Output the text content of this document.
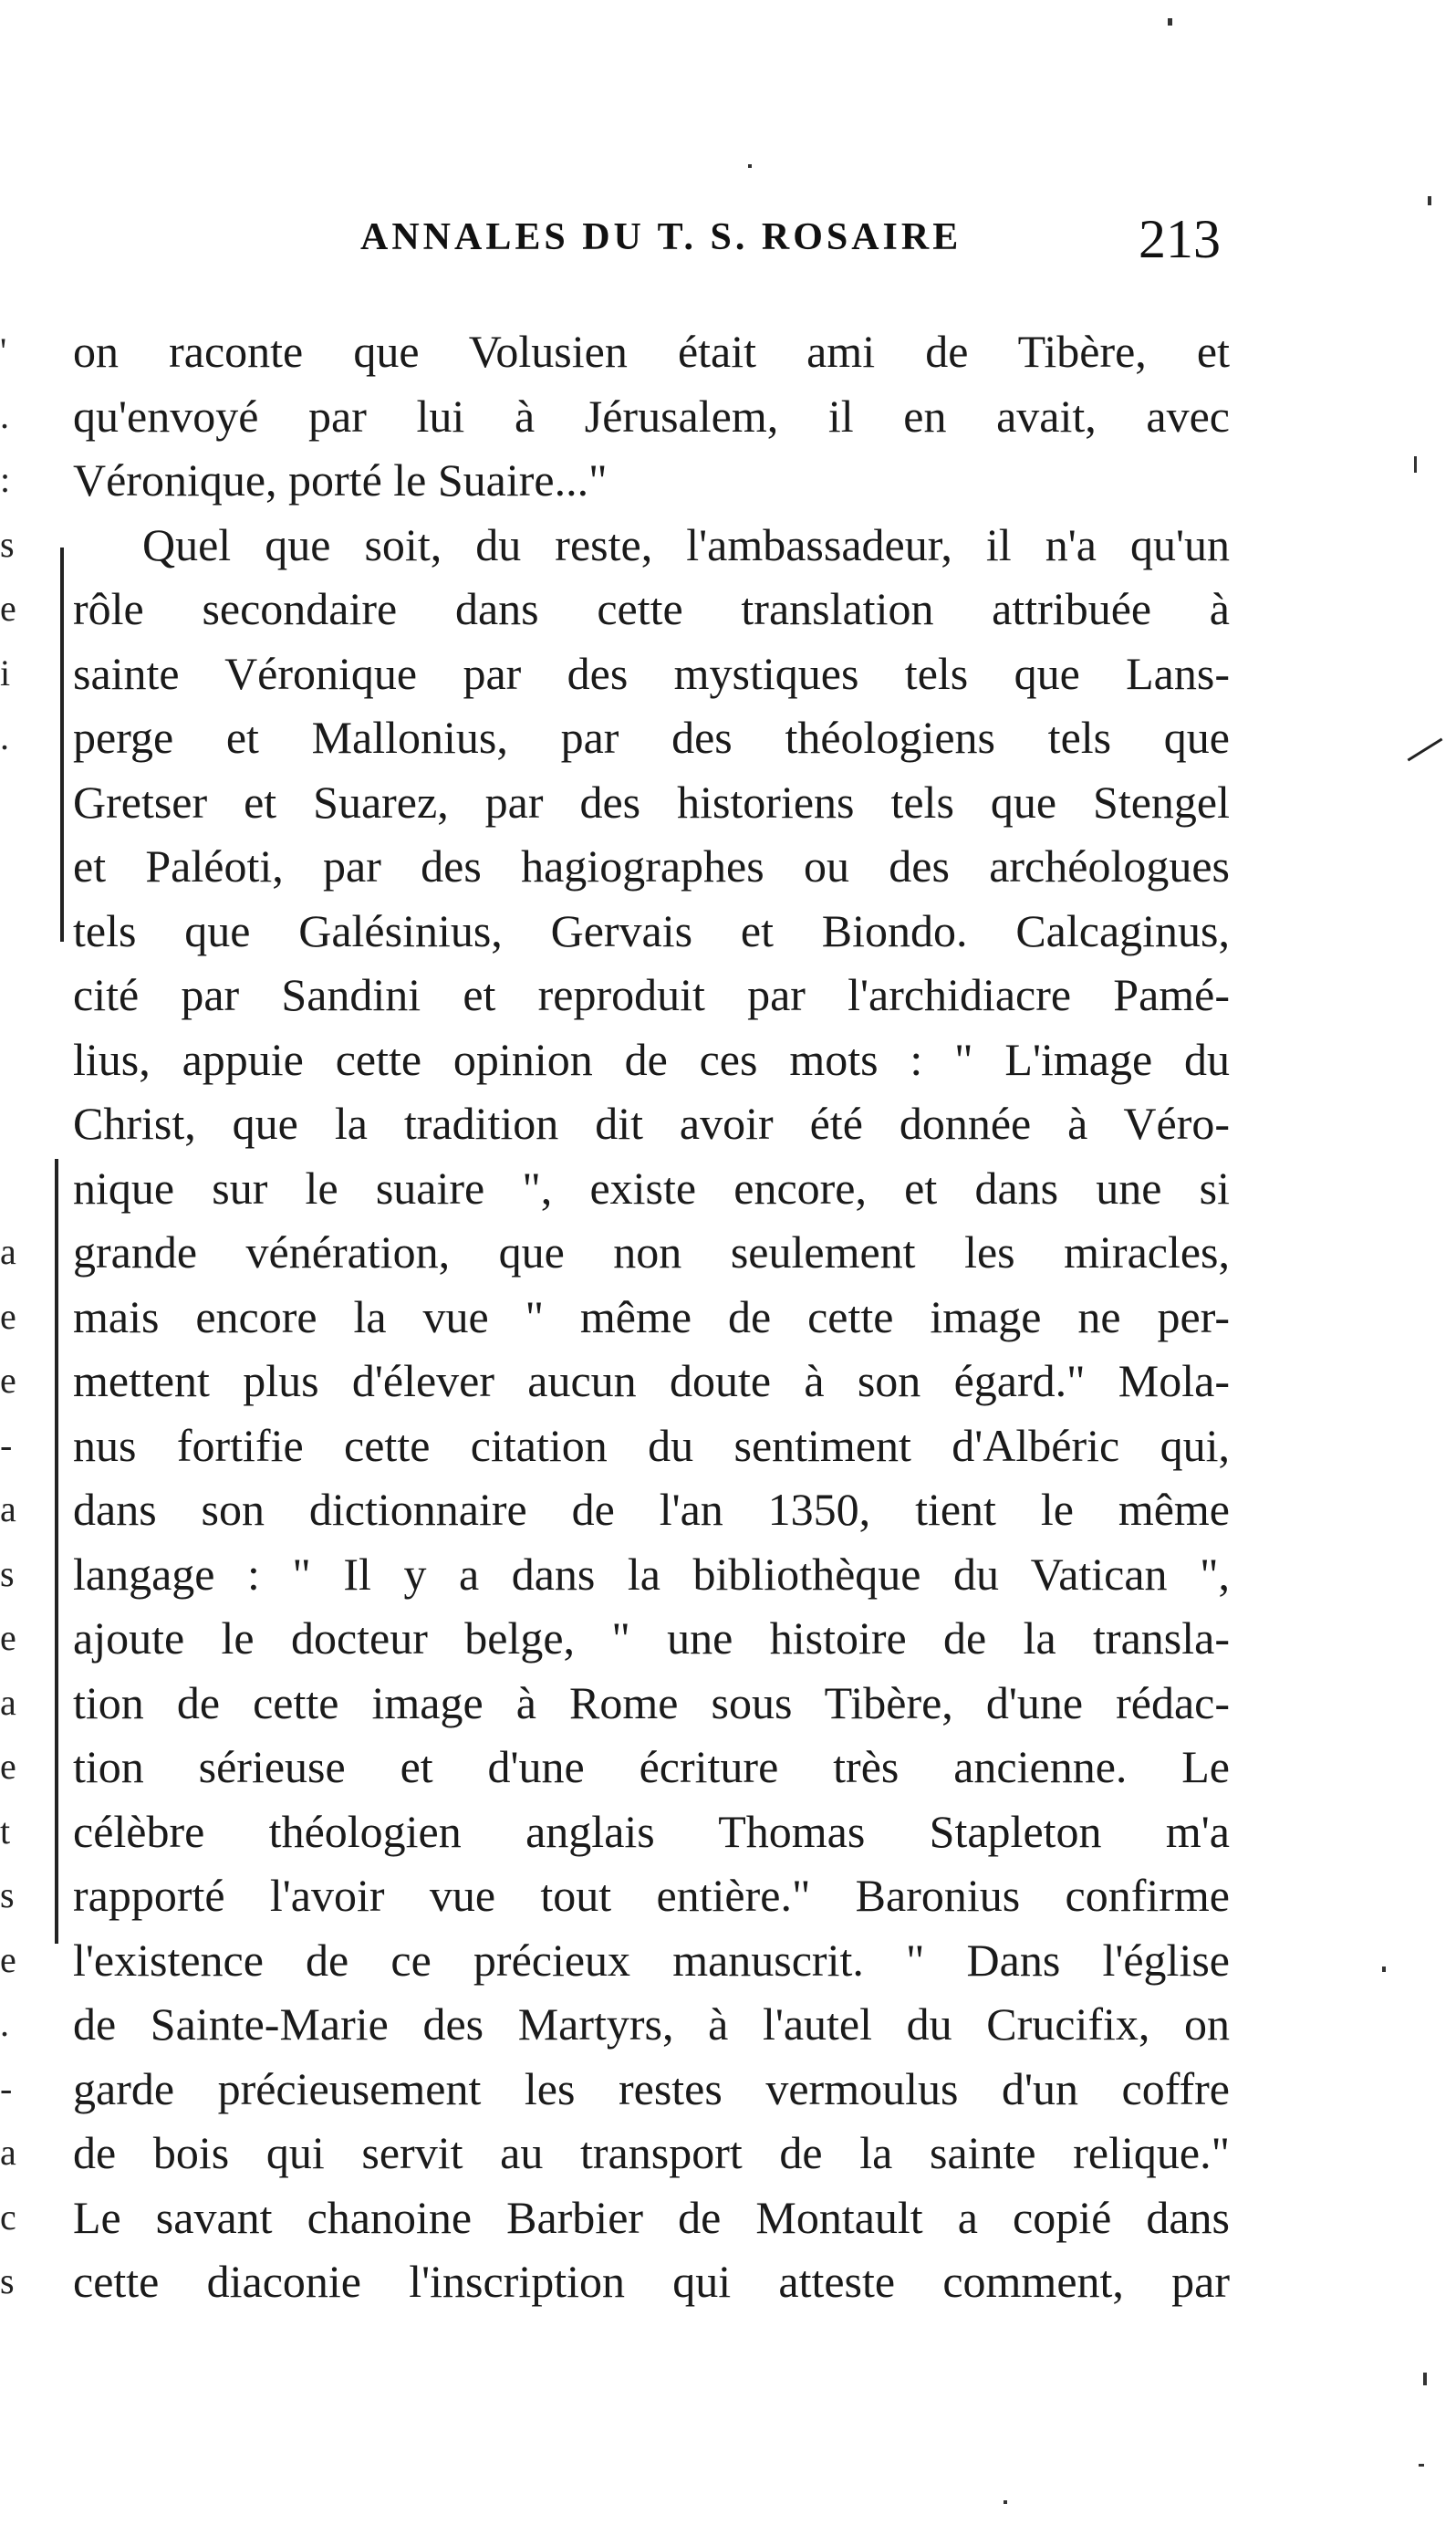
ANNALES DU T. S. ROSAIRE	213
'
.
:
s
e
i
.
a
e
e
-
a
s
e
a
e
t
s
e
.
-
a
c
s
on raconte que Volusien était ami de Tibère, et
qu'envoyé par lui à Jérusalem, il en avait, avec
Véronique, porté le Suaire..."
Quel que soit, du reste, l'ambassadeur, il n'a qu'un
rôle secondaire dans cette translation attribuée à
sainte Véronique par des mystiques tels que Lans-
perge et Mallonius, par des théologiens tels que
Gretser et Suarez, par des historiens tels que Stengel
et Paléoti, par des hagiographes ou des archéologues
tels que Galésinius, Gervais et Biondo. Calcaginus,
cité par Sandini et reproduit par l'archidiacre Pamé-
lius, appuie cette opinion de ces mots : " L'image du
Christ, que la tradition dit avoir été donnée à Véro-
nique sur le suaire ", existe encore, et dans une si
grande vénération, que non seulement les miracles,
mais encore la vue " même de cette image ne per-
mettent plus d'élever aucun doute à son égard." Mola-
nus fortifie cette citation du sentiment d'Albéric qui,
dans son dictionnaire de l'an 1350, tient le même
langage : " Il y a dans la bibliothèque du Vatican ",
ajoute le docteur belge, " une histoire de la transla-
tion de cette image à Rome sous Tibère, d'une rédac-
tion sérieuse et d'une écriture très ancienne. Le
célèbre théologien anglais Thomas Stapleton m'a
rapporté l'avoir vue tout entière." Baronius confirme
l'existence de ce précieux manuscrit. " Dans l'église
de Sainte-Marie des Martyrs, à l'autel du Crucifix, on
garde précieusement les restes vermoulus d'un coffre
de bois qui servit au transport de la sainte relique."
Le savant chanoine Barbier de Montault a copié dans
cette diaconie l'inscription qui atteste comment, par
